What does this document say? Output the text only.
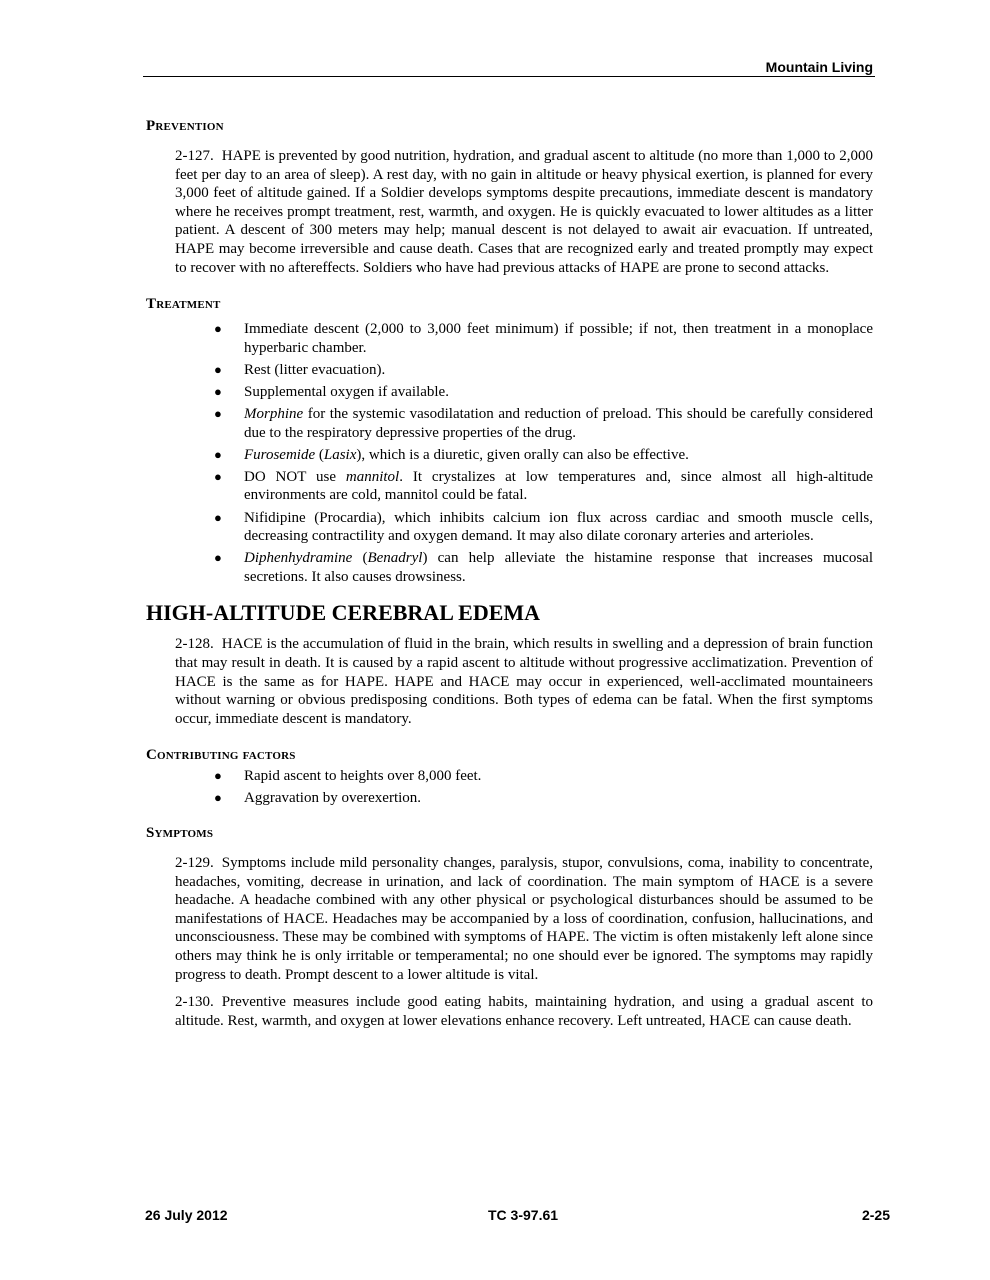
Mountain Living
Prevention

2-127. HAPE is prevented by good nutrition, hydration, and gradual ascent to altitude (no more than 1,000 to 2,000 feet per day to an area of sleep). A rest day, with no gain in altitude or heavy physical exertion, is planned for every 3,000 feet of altitude gained. If a Soldier develops symptoms despite precautions, immediate descent is mandatory where he receives prompt treatment, rest, warmth, and oxygen. He is quickly evacuated to lower altitudes as a litter patient. A descent of 300 meters may help; manual descent is not delayed to await air evacuation. If untreated, HAPE may become irreversible and cause death. Cases that are recognized early and treated promptly may expect to recover with no aftereffects. Soldiers who have had previous attacks of HAPE are prone to second attacks.

Treatment
● Immediate descent (2,000 to 3,000 feet minimum) if possible; if not, then treatment in a monoplace hyperbaric chamber.
● Rest (litter evacuation).
● Supplemental oxygen if available.
● Morphine for the systemic vasodilatation and reduction of preload. This should be carefully considered due to the respiratory depressive properties of the drug.
● Furosemide (Lasix), which is a diuretic, given orally can also be effective.
● DO NOT use mannitol. It crystalizes at low temperatures and, since almost all high-altitude environments are cold, mannitol could be fatal.
● Nifidipine (Procardia), which inhibits calcium ion flux across cardiac and smooth muscle cells, decreasing contractility and oxygen demand. It may also dilate coronary arteries and arterioles.
● Diphenhydramine (Benadryl) can help alleviate the histamine response that increases mucosal secretions. It also causes drowsiness.
HIGH-ALTITUDE CEREBRAL EDEMA

2-128. HACE is the accumulation of fluid in the brain, which results in swelling and a depression of brain function that may result in death. It is caused by a rapid ascent to altitude without progressive acclimatization. Prevention of HACE is the same as for HAPE. HAPE and HACE may occur in experienced, well-acclimated mountaineers without warning or obvious predisposing conditions. Both types of edema can be fatal. When the first symptoms occur, immediate descent is mandatory.

Contributing factors
● Rapid ascent to heights over 8,000 feet.
● Aggravation by overexertion.
Symptoms

2-129. Symptoms include mild personality changes, paralysis, stupor, convulsions, coma, inability to concentrate, headaches, vomiting, decrease in urination, and lack of coordination. The main symptom of HACE is a severe headache. A headache combined with any other physical or psychological disturbances should be assumed to be manifestations of HACE. Headaches may be accompanied by a loss of coordination, confusion, hallucinations, and unconsciousness. These may be combined with symptoms of HAPE. The victim is often mistakenly left alone since others may think he is only irritable or temperamental; no one should ever be ignored. The symptoms may rapidly progress to death. Prompt descent to a lower altitude is vital.

2-130. Preventive measures include good eating habits, maintaining hydration, and using a gradual ascent to altitude. Rest, warmth, and oxygen at lower elevations enhance recovery. Left untreated, HACE can cause death.

26 July 2012	TC 3-97.61	2-25
